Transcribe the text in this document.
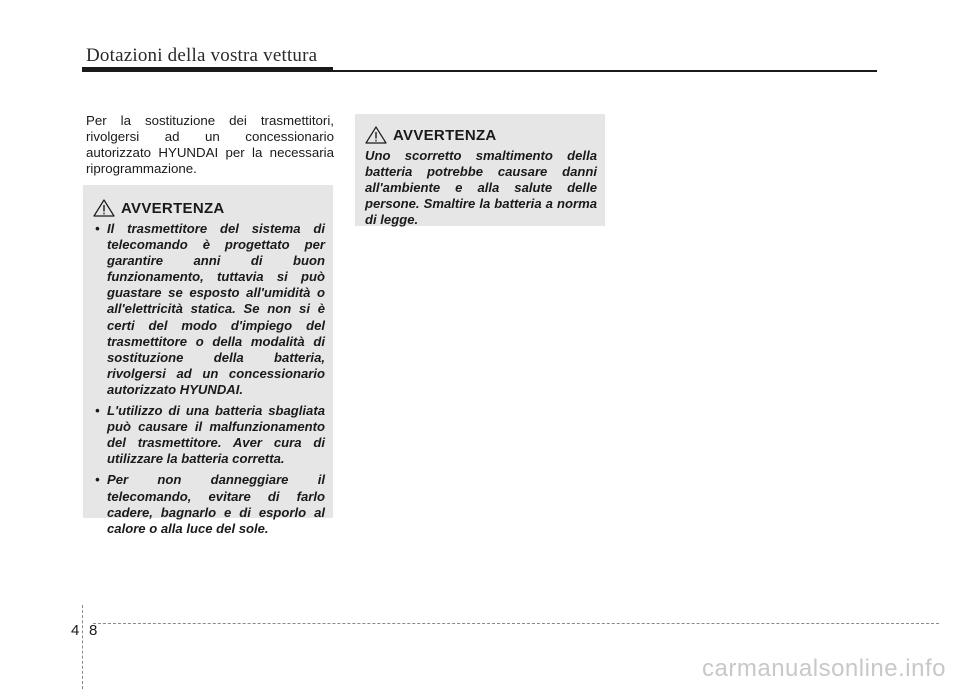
Dotazioni della vostra vettura
Per la sostituzione dei trasmettitori, rivolgersi ad un concessionario autorizzato HYUNDAI per la necessaria riprogrammazione.
AVVERTENZA
• Il trasmettitore del sistema di telecomando è progettato per garantire anni di buon funzionamento, tuttavia si può guastare se esposto all'umidità o all'elettricità statica. Se non si è certi del modo d'impiego del trasmettitore o della modalità di sostituzione della batteria, rivolgersi ad un concessionario autorizzato HYUNDAI.
• L'utilizzo di una batteria sbagliata può causare il malfunzionamento del trasmettitore. Aver cura di utilizzare la batteria corretta.
• Per non danneggiare il telecomando, evitare di farlo cadere, bagnarlo e di esporlo al calore o alla luce del sole.
AVVERTENZA
Uno scorretto smaltimento della batteria potrebbe causare danni all'ambiente e alla salute delle persone. Smaltire la batteria a norma di legge.
4 8
carmanualsonline.info
